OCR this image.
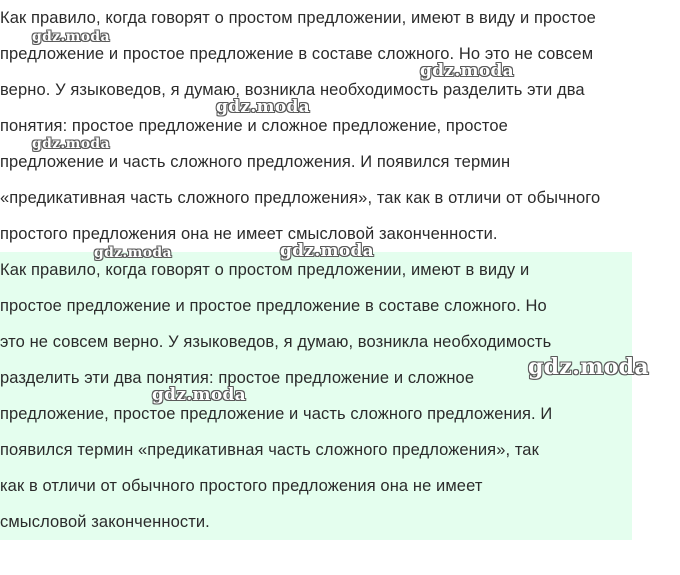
Как правило, когда говорят о простом предложении, имеют в виду и простое
предложение и простое предложение в составе сложного. Но это не совсем
верно. У языковедов, я думаю, возникла необходимость разделить эти два
понятия: простое предложение и сложное предложение, простое
предложение и часть сложного предложения. И появился термин
«предикативная часть сложного предложения», так как в отличи от обычного
простого предложения она не имеет смысловой законченности.
Как правило, когда говорят о простом предложении, имеют в виду и
простое предложение и простое предложение в составе сложного. Но
это не совсем верно. У языковедов, я думаю, возникла необходимость
разделить эти два понятия: простое предложение и сложное
предложение, простое предложение и часть сложного предложения. И
появился термин «предикативная часть сложного предложения», так
как в отличи от обычного простого предложения она не имеет
смысловой законченности.
gdz.moda
gdz.moda
gdz.moda
gdz.moda
gdz.moda	gdz.moda
gdz.moda
gdz.moda
